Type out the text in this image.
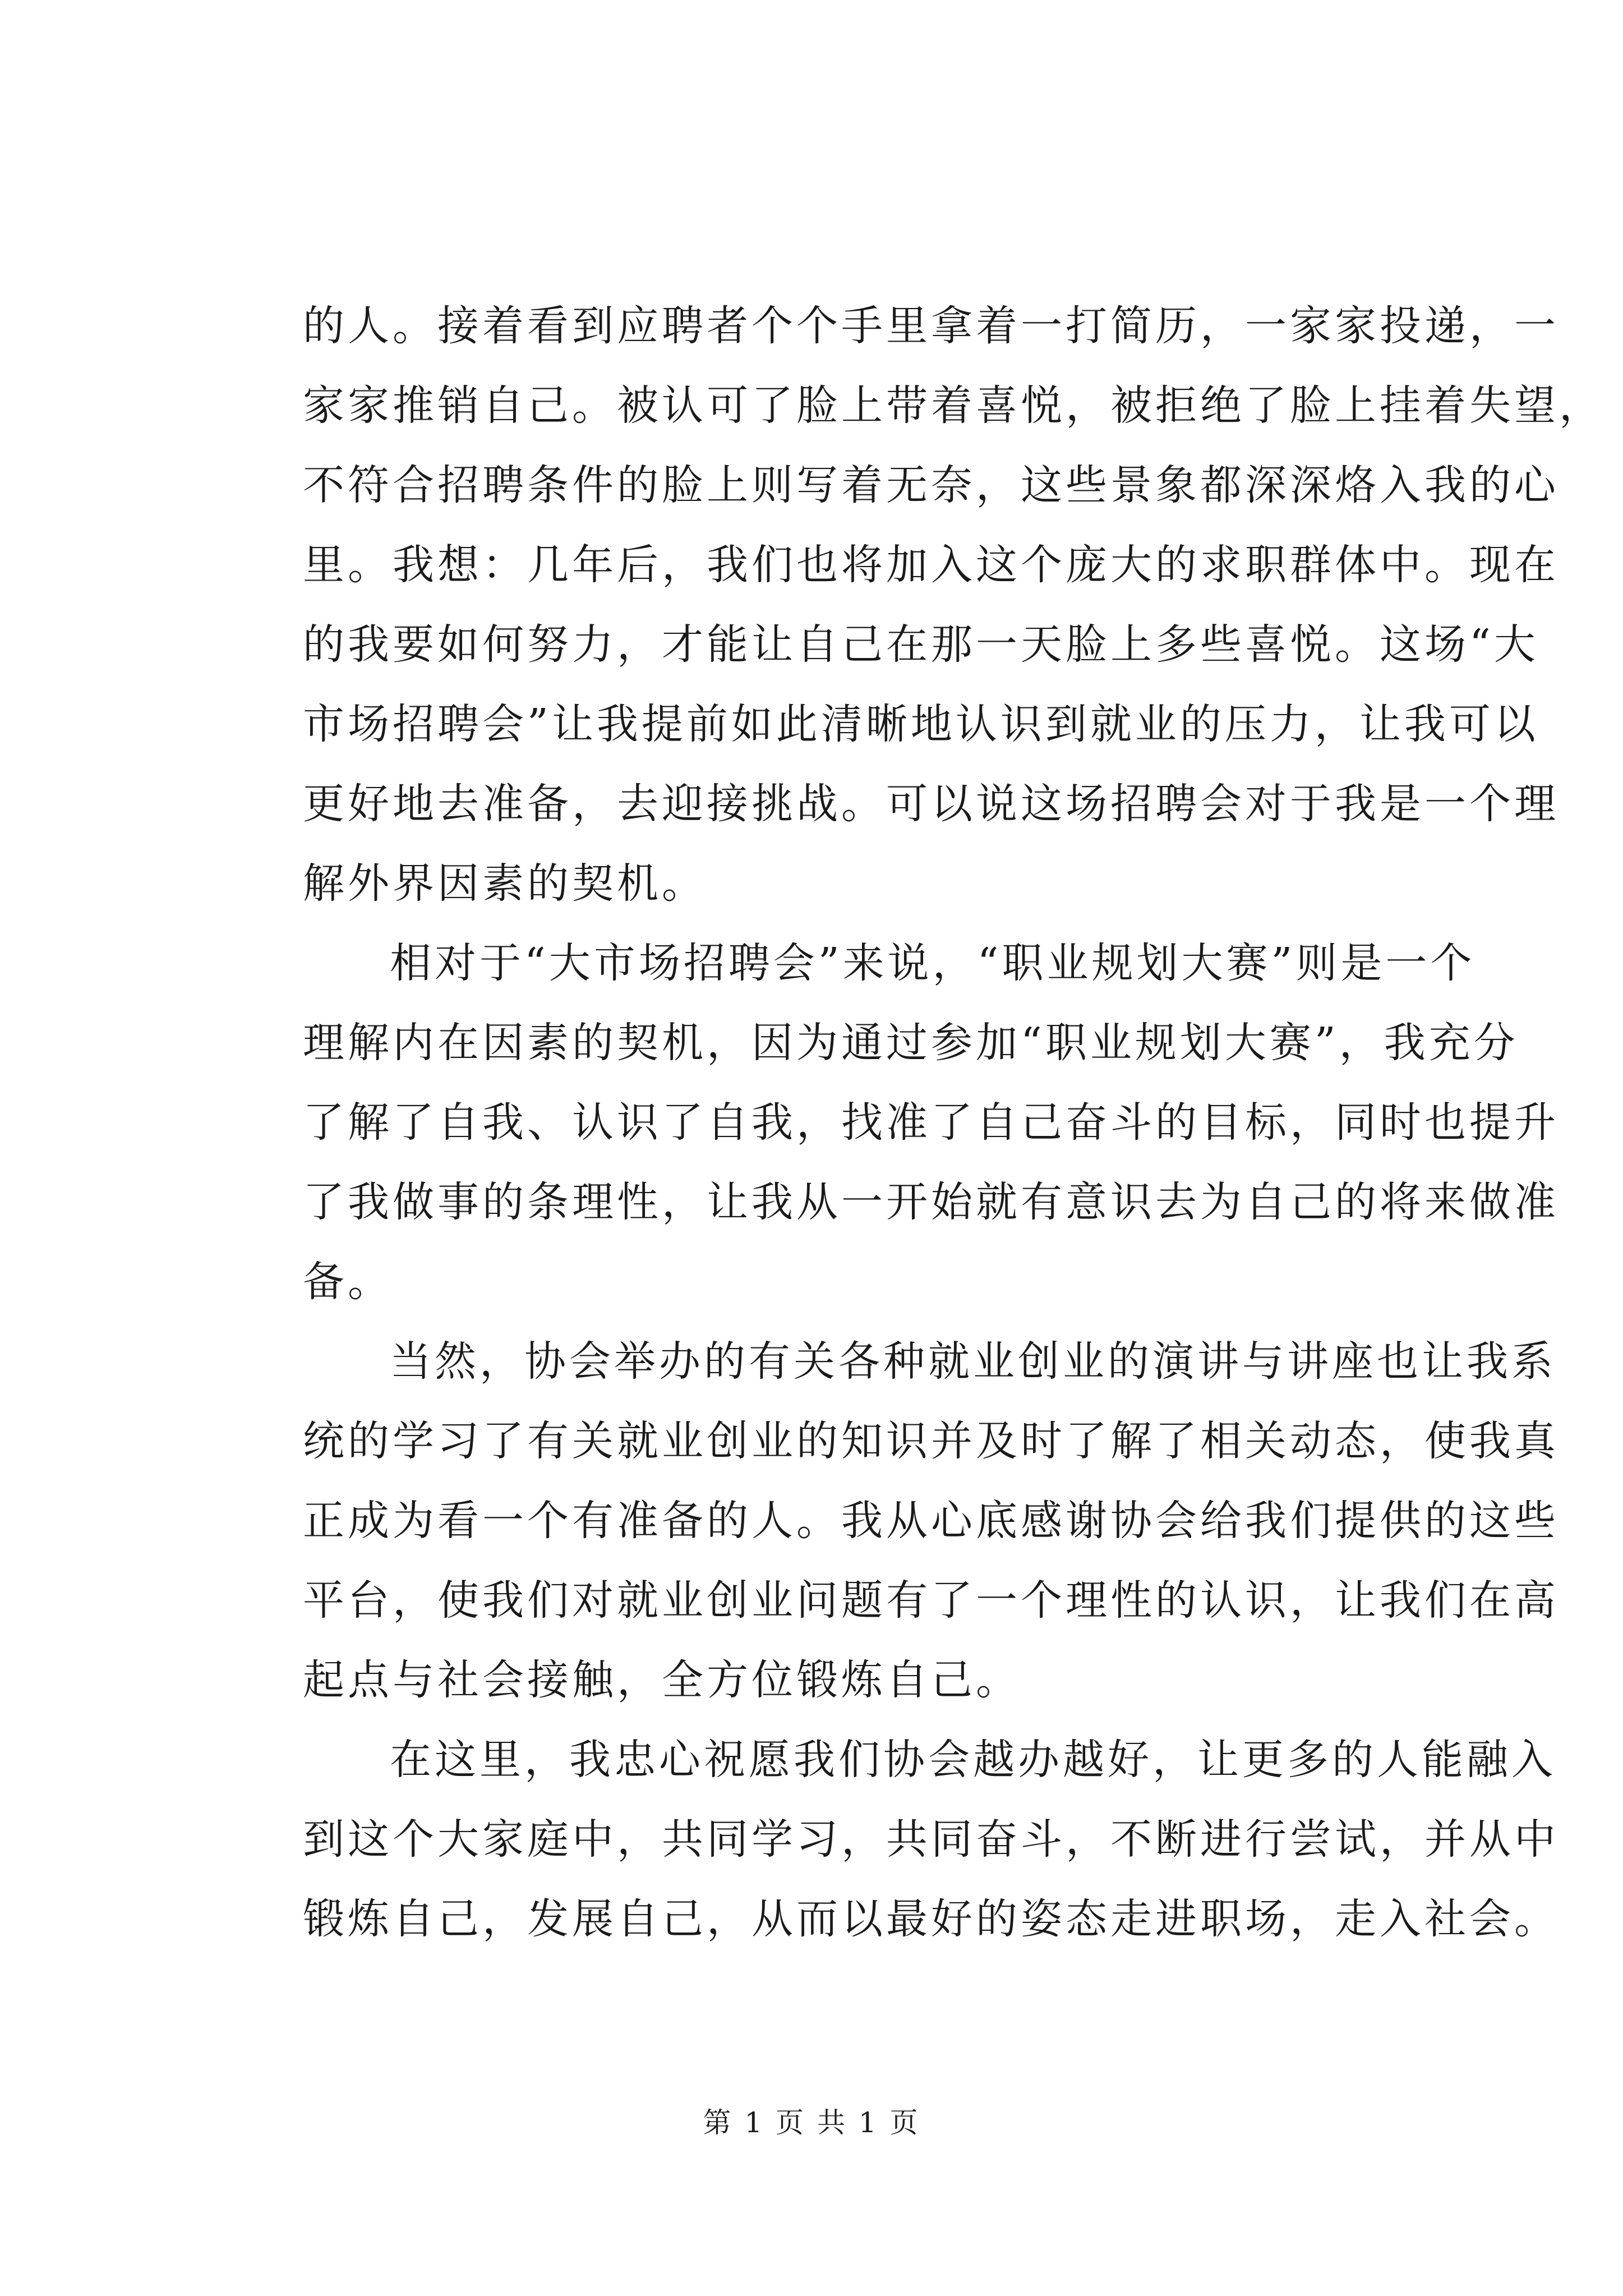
的人。接着看到应聘者个个手里拿着一打简历，一家家投递，一
家家推销自己。被认可了脸上带着喜悦，被拒绝了脸上挂着失望，
不符合招聘条件的脸上则写着无奈，这些景象都深深烙入我的心
里。我想：几年后，我们也将加入这个庞大的求职群体中。现在
的我要如何努力，才能让自己在那一天脸上多些喜悦。这场“大
市场招聘会”让我提前如此清晰地认识到就业的压力，让我可以
更好地去准备，去迎接挑战。可以说这场招聘会对于我是一个理
解外界因素的契机。
相对于“大市场招聘会”来说，“职业规划大赛”则是一个
理解内在因素的契机，因为通过参加“职业规划大赛”，我充分
了解了自我、认识了自我，找准了自己奋斗的目标，同时也提升
了我做事的条理性，让我从一开始就有意识去为自己的将来做准
备。
当然，协会举办的有关各种就业创业的演讲与讲座也让我系
统的学习了有关就业创业的知识并及时了解了相关动态，使我真
正成为看一个有准备的人。我从心底感谢协会给我们提供的这些
平台，使我们对就业创业问题有了一个理性的认识，让我们在高
起点与社会接触，全方位锻炼自己。
在这里，我忠心祝愿我们协会越办越好，让更多的人能融入
到这个大家庭中，共同学习，共同奋斗，不断进行尝试，并从中
锻炼自己，发展自己，从而以最好的姿态走进职场，走入社会。
第 1 页 共 1 页
